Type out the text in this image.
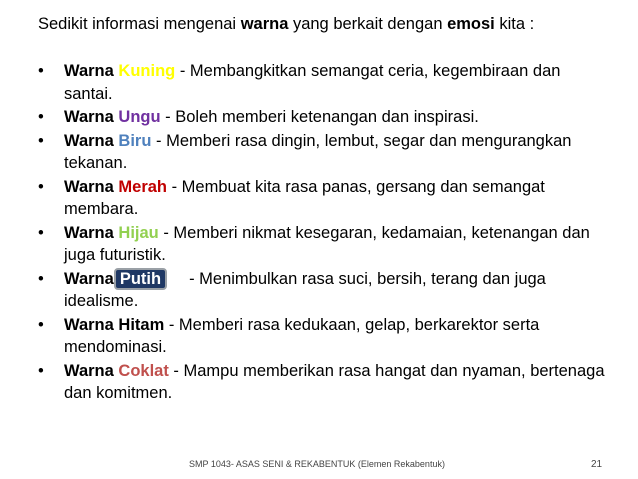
Sedikit informasi mengenai warna yang berkait dengan emosi kita :
• Warna Kuning - Membangkitkan semangat ceria, kegembiraan dan santai.
• Warna Ungu - Boleh memberi ketenangan dan inspirasi.
• Warna Biru - Memberi rasa dingin, lembut, segar dan mengurangkan tekanan.
• Warna Merah - Membuat kita rasa panas, gersang dan semangat membara.
• Warna Hijau - Memberi nikmat kesegaran, kedamaian, ketenangan dan juga futuristik.
• Warna Putih - Menimbulkan rasa suci, bersih, terang dan juga idealisme.
• Warna Hitam - Memberi rasa kedukaan, gelap, berkarektor serta mendominasi.
• Warna Coklat - Mampu memberikan rasa hangat dan nyaman, bertenaga dan komitmen.
SMP 1043- ASAS SENI & REKABENTUK (Elemen Rekabentuk)	21
